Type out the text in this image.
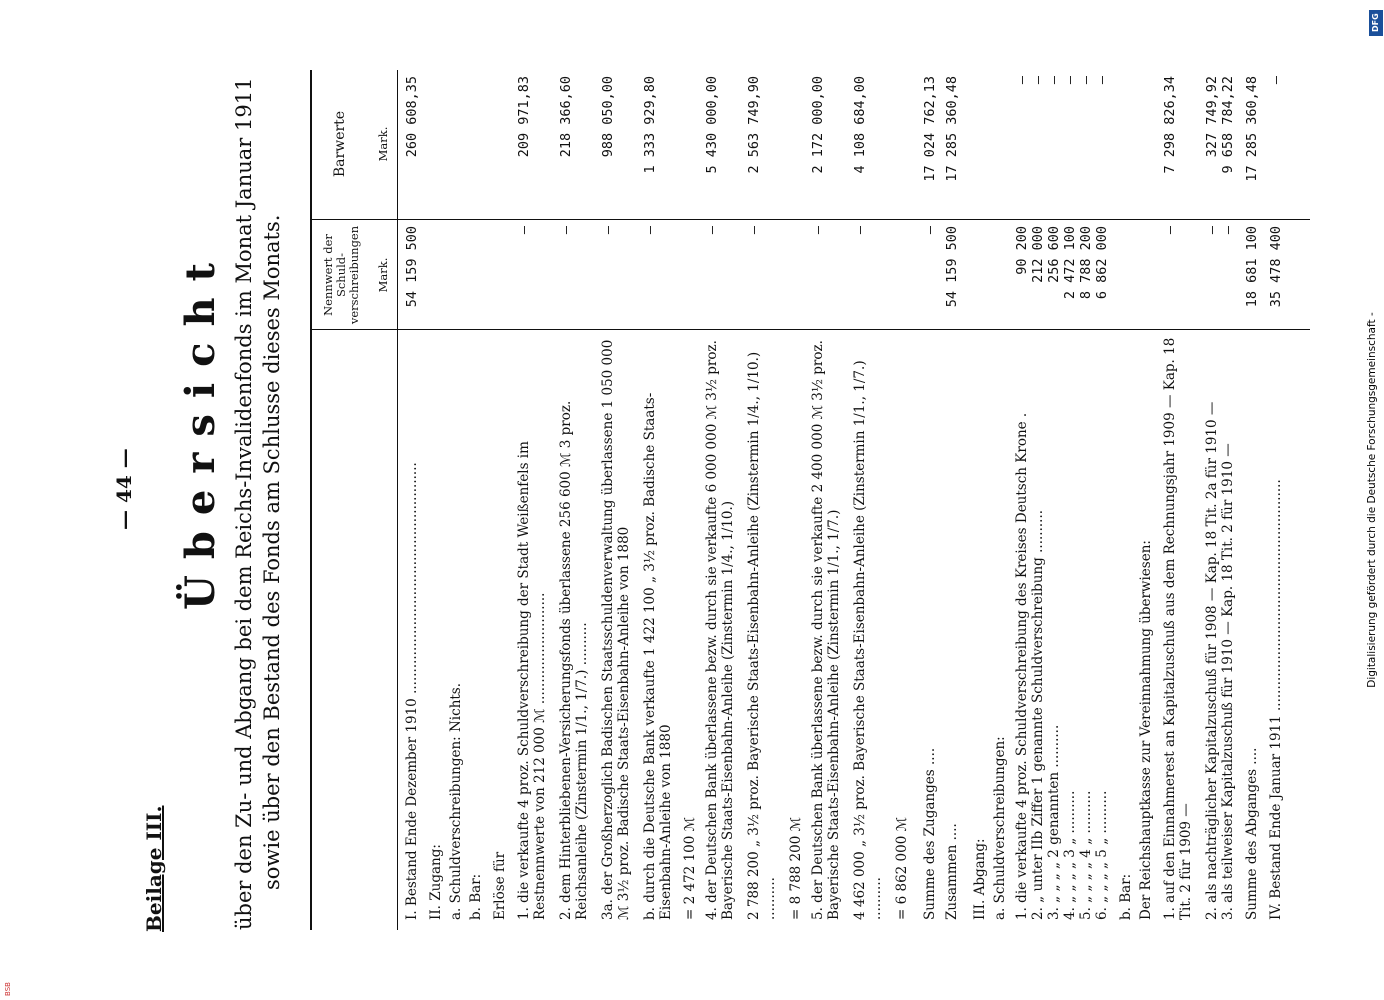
— 44 —
Beilage III.
Übersicht über den Zu- und Abgang bei dem Reichs-Invalidenfonds im Monat Januar 1911 sowie über den Bestand des Fonds am Schlusse dieses Monats.	Nennwert der Schuld- verschreibungen Mark.
Barwerte Mark.
I. Bestand Ende Dezember 1910 ......................................................
54 159 500
260 608,35
II. Zugang: a. Schuldverschreibungen: Nichts. b. Bar: Erlöse für 1. die verkaufte 4 proz. Schuldverschreibung der Stadt Weißenfels im Restnennwerte von 212 000 ℳ ..........................
—
209 971,83
2. dem Hinterbliebenen-Versicherungsfonds überlassene 256 600 ℳ 3 proz. Reichsanleihe (Zinstermin 1/1., 1/7.) ..........
—
218 366,60
3a. der Großherzoglich Badischen Staatsschuldenverwaltung überlassene 1 050 000 ℳ 3½ proz. Badische Staats-Eisenbahn-Anleihe von 1880
—
988 050,00
b. durch die Deutsche Bank verkaufte 1 422 100 „ 3½ proz. Badische Staats-Eisenbahn-Anleihe von 1880
—
1 333 929,80
= 2 472 100 ℳ 4. der Deutschen Bank überlassene bezw. durch sie verkaufte 6 000 000 ℳ 3½ proz. Bayerische Staats-Eisenbahn-Anleihe (Zinstermin 1/4., 1/10.)
—
5 430 000,00
2 788 200 „ 3½ proz. Bayerische Staats-Eisenbahn-Anleihe (Zinstermin 1/4., 1/10.) ..........
—
2 563 749,90
= 8 788 200 ℳ 5. der Deutschen Bank überlassene bezw. durch sie verkaufte 2 400 000 ℳ 3½ proz. Bayerische Staats-Eisenbahn-Anleihe (Zinstermin 1/1., 1/7.)
—
2 172 000,00
4 462 000 „ 3½ proz. Bayerische Staats-Eisenbahn-Anleihe (Zinstermin 1/1., 1/7.) ..........
—
4 108 684,00
= 6 862 000 ℳ Summe des Zuganges ....
—
17 024 762,13
Zusammen ....
54 159 500
17 285 360,48
III. Abgang: a. Schuldverschreibungen: 1. die verkaufte 4 proz. Schuldverschreibung des Kreises Deutsch Krone .
90 200
—
2. „ unter IIb Ziffer 1 genannte Schuldverschreibung ..........
212 000
—
3. „ „ „ „ 2 genannten ..........
256 600
—
4. „ „ „ „ 3 „ ..........
2 472 100
—
5. „ „ „ „ 4 „ ..........
8 788 200
—
6. „ „ „ „ 5 „ ..........
6 862 000
—
b. Bar: Der Reichshauptkasse zur Vereinnahmung überwiesen: 1. auf den Einnahmerest an Kapitalzuschuß aus dem Rechnungsjahr 1909 — Kap. 18 Tit. 2 für 1909 —
—
7 298 826,34
2. als nachträglicher Kapitalzuschuß für 1908 — Kap. 18 Tit. 2a für 1910 —
—
327 749,92
3. als teilweiser Kapitalzuschuß für 1910 — Kap. 18 Tit. 2 für 1910 —
—
9 658 784,22
Summe des Abganges ....
18 681 100
17 285 360,48
IV. Bestand Ende Januar 1911 ......................................................
35 478 400
—
DFG
Digitalisierung gefördert durch die Deutsche Forschungsgemeinschaft -
BSB
